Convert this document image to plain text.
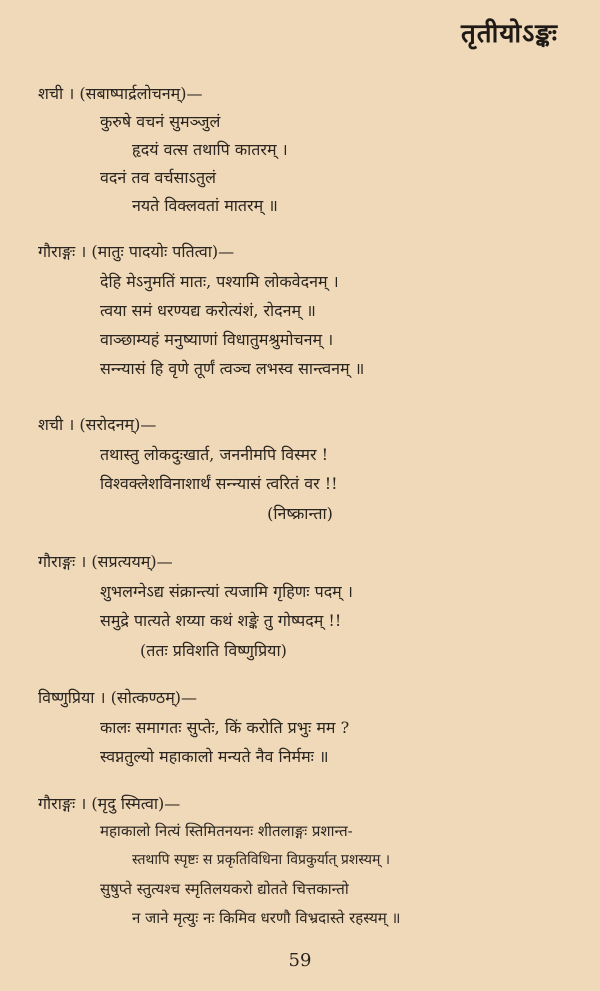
तृतीयोऽङ्कः
शची । (सबाष्पार्द्रलोचनम्)—
कुरुषे वचनं सुमञ्जुलं
हृदयं वत्स तथापि कातरम् ।
वदनं तव वर्चसाऽतुलं
नयते विक्लवतां मातरम् ॥
गौराङ्गः । (मातुः पादयोः पतित्वा)—
देहि मेऽनुमतिं मातः, पश्यामि लोकवेदनम् ।
त्वया समं धरण्यद्य करोत्यंशं, रोदनम् ॥
वाञ्छाम्यहं मनुष्याणां विधातुमश्रुमोचनम् ।
सन्न्यासं हि वृणे तूर्णं त्वञ्च लभस्व सान्त्वनम् ॥
शची । (सरोदनम्)—
तथास्तु लोकदुःखार्त, जननीमपि विस्मर !
विश्वक्लेशविनाशार्थं सन्न्यासं त्वरितं वर !!
(निष्क्रान्ता)
गौराङ्गः । (सप्रत्ययम्)—
शुभलग्नेऽद्य संक्रान्त्यां त्यजामि गृहिणः पदम् ।
समुद्रे पात्यते शय्या कथं शङ्के तु गोष्पदम् !!
(ततः प्रविशति विष्णुप्रिया)
विष्णुप्रिया । (सोत्कण्ठम्)—
कालः समागतः सुप्तेः, किं करोति प्रभुः मम ?
स्वप्नतुल्यो महाकालो मन्यते नैव निर्ममः ॥
गौराङ्गः । (मृदु स्मित्वा)—
महाकालो नित्यं स्तिमितनयनः शीतलाङ्गः प्रशान्त-
स्तथापि स्पृष्टः स प्रकृतिविधिना विप्रकुर्यात् प्रशस्यम् ।
सुषुप्ते स्तुत्यश्च स्मृतिलयकरो द्योतते चित्तकान्तो
न जाने मृत्युः नः किमिव धरणौ विभ्रदास्ते रहस्यम् ॥
59
